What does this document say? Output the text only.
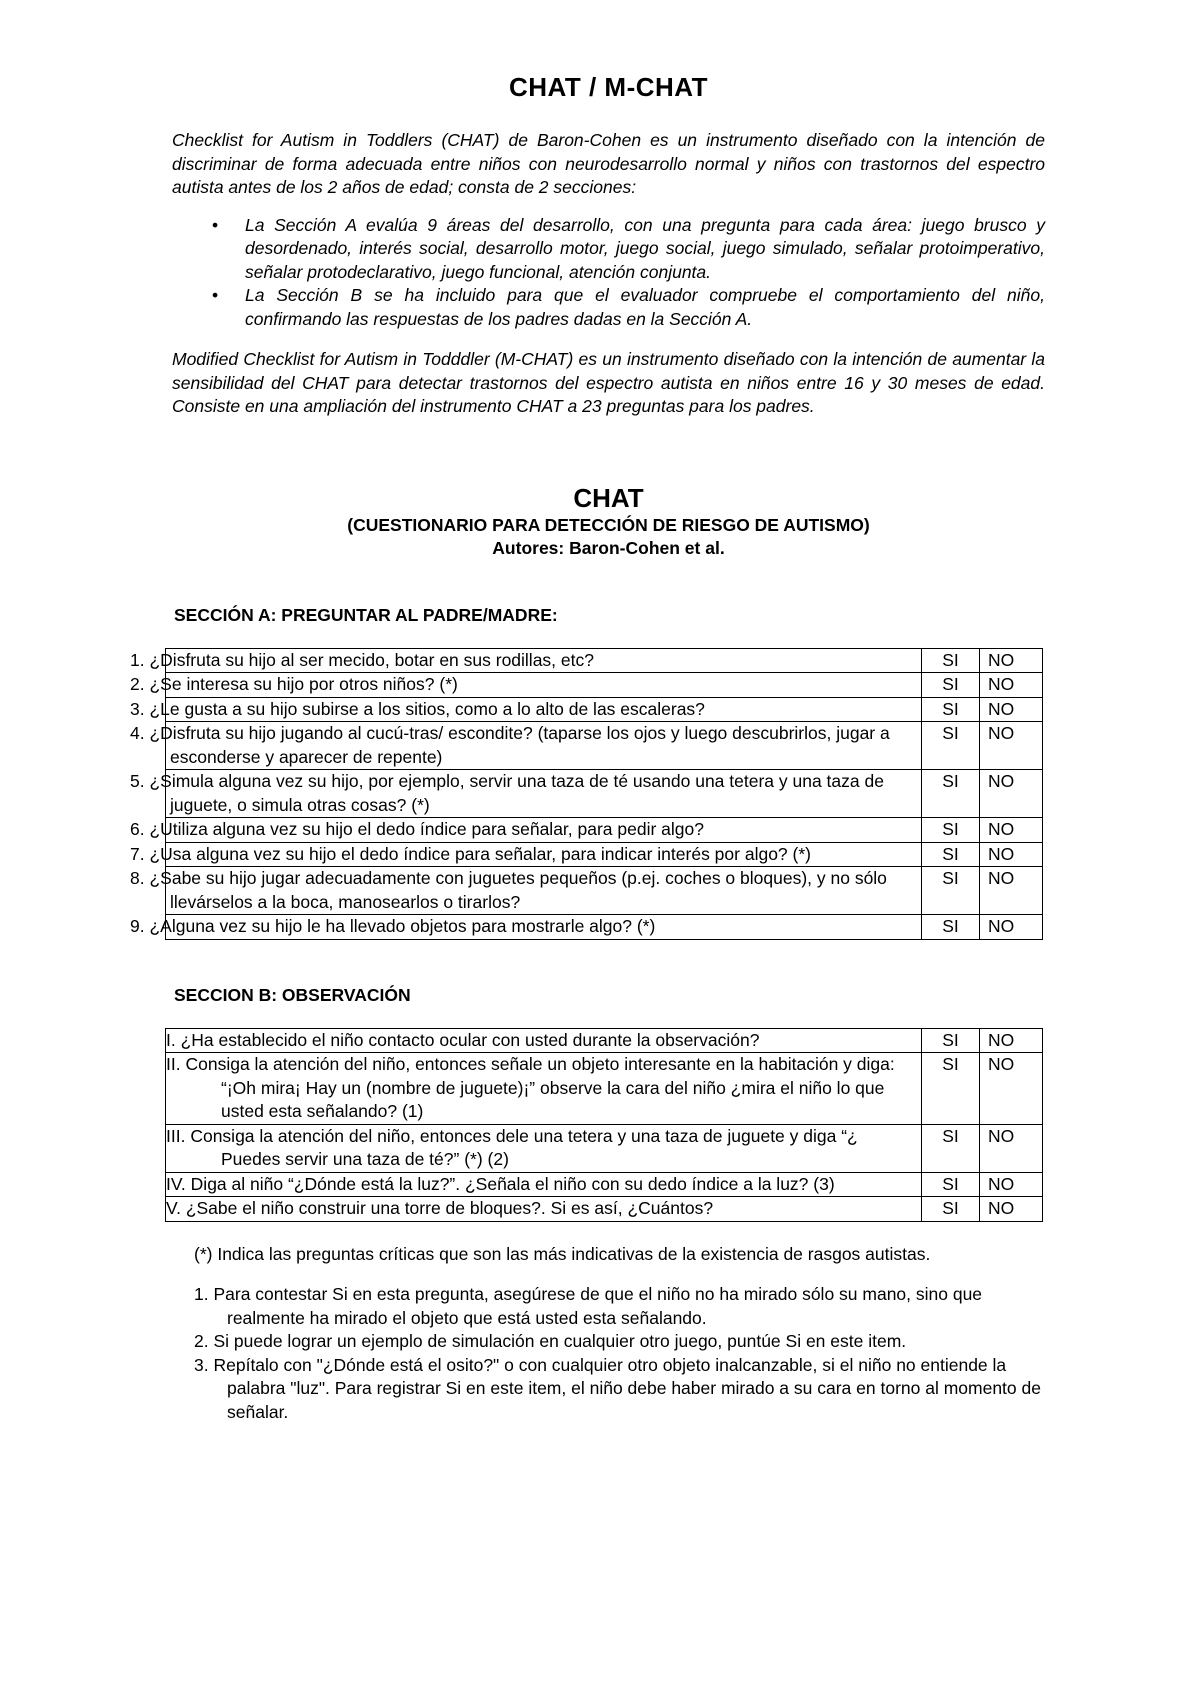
CHAT / M-CHAT

Checklist for Autism in Toddlers (CHAT) de Baron-Cohen es un instrumento diseñado con la intención de discriminar de forma adecuada entre niños con neurodesarrollo normal y niños con trastornos del espectro autista antes de los 2 años de edad; consta de 2 secciones:

• La Sección A evalúa 9 áreas del desarrollo, con una pregunta para cada área: juego brusco y desordenado, interés social, desarrollo motor, juego social, juego simulado, señalar protoimperativo, señalar protodeclarativo, juego funcional, atención conjunta.
• La Sección B se ha incluido para que el evaluador compruebe el comportamiento del niño, confirmando las respuestas de los padres dadas en la Sección A.

Modified Checklist for Autism in Todddler (M-CHAT) es un instrumento diseñado con la intención de aumentar la sensibilidad del CHAT para detectar trastornos del espectro autista en niños entre 16 y 30 meses de edad. Consiste en una ampliación del instrumento CHAT a 23 preguntas para los padres.

CHAT
(CUESTIONARIO PARA DETECCIÓN DE RIESGO DE AUTISMO)
Autores: Baron-Cohen et al.
SECCIÓN A: PREGUNTAR AL PADRE/MADRE:
1. ¿Disfruta su hijo al ser mecido, botar en sus rodillas, etc?	SI	NO
2. ¿Se interesa su hijo por otros niños? (*)	SI	NO
3. ¿Le gusta a su hijo subirse a los sitios, como a lo alto de las escaleras?	SI	NO
4. ¿Disfruta su hijo jugando al cucú-tras/ escondite? (taparse los ojos y luego descubrirlos, jugar a esconderse y aparecer de repente)	SI	NO
5. ¿Simula alguna vez su hijo, por ejemplo, servir una taza de té usando una tetera y una taza de juguete, o simula otras cosas? (*)	SI	NO
6. ¿Utiliza alguna vez su hijo el dedo índice para señalar, para pedir algo?	SI	NO
7. ¿Usa alguna vez su hijo el dedo índice para señalar, para indicar interés por algo? (*)	SI	NO
8. ¿Sabe su hijo jugar adecuadamente con juguetes pequeños (p.ej. coches o bloques), y no sólo llevárselos a la boca, manosearlos o tirarlos?	SI	NO
9. ¿Alguna vez su hijo le ha llevado objetos para mostrarle algo? (*)	SI	NO
SECCION B: OBSERVACIÓN
I. ¿Ha establecido el niño contacto ocular con usted durante la observación?	SI	NO
II. Consiga la atención del niño, entonces señale un objeto interesante en la habitación y diga: “¡Oh mira¡ Hay un (nombre de juguete)¡” observe la cara del niño ¿mira el niño lo que usted esta señalando? (1)	SI	NO
III. Consiga la atención del niño, entonces dele una tetera y una taza de juguete y diga “¿ Puedes servir una taza de té?” (*) (2)	SI	NO
IV. Diga al niño “¿Dónde está la luz?”. ¿Señala el niño con su dedo índice a la luz? (3)	SI	NO
V. ¿Sabe el niño construir una torre de bloques?. Si es así, ¿Cuántos?	SI	NO
(*) Indica las preguntas críticas que son las más indicativas de la existencia de rasgos autistas.
1. Para contestar Si en esta pregunta, asegúrese de que el niño no ha mirado sólo su mano, sino que realmente ha mirado el objeto que está usted esta señalando.
2. Si puede lograr un ejemplo de simulación en cualquier otro juego, puntúe Si en este item.
3. Repítalo con "¿Dónde está el osito?" o con cualquier otro objeto inalcanzable, si el niño no entiende la palabra "luz". Para registrar Si en este item, el niño debe haber mirado a su cara en torno al momento de señalar.
